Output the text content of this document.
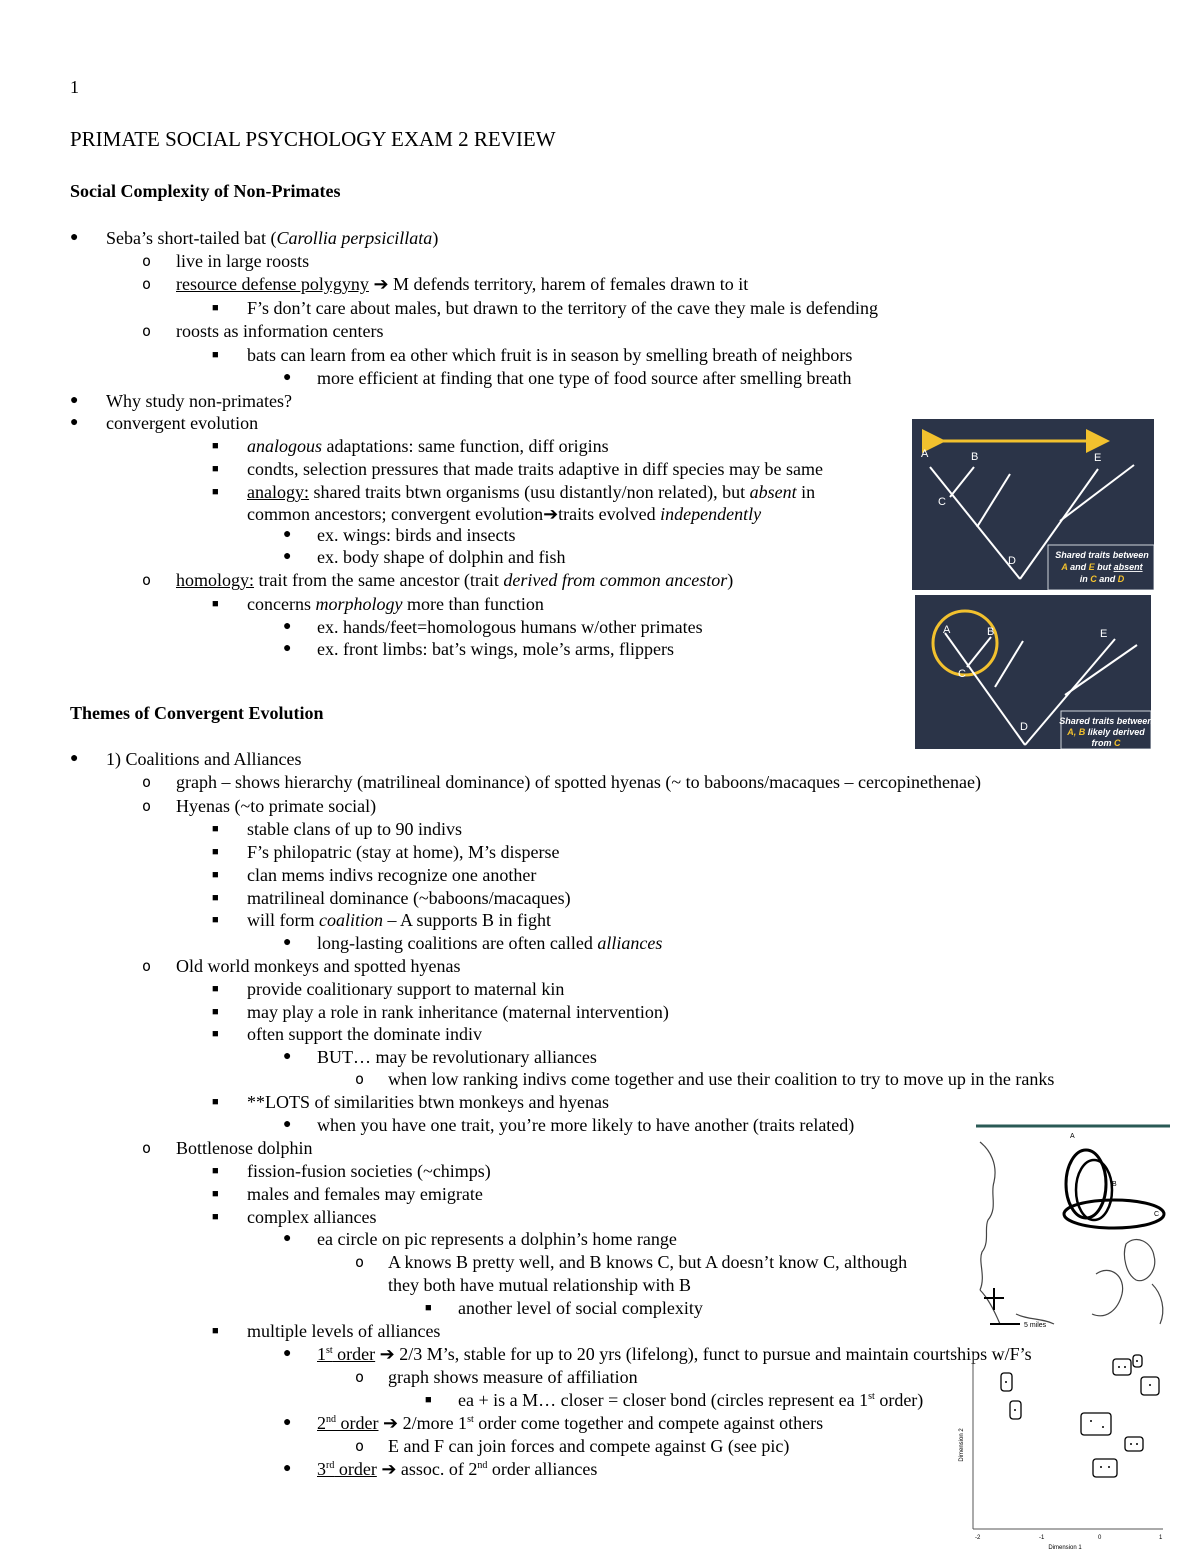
1
PRIMATE SOCIAL PSYCHOLOGY EXAM 2 REVIEW
Social Complexity of Non-Primates
● Seba’s short-tailed bat (Carollia perpsicillata)
o live in large roosts
o resource defense polygyny ➔ M defends territory, harem of females drawn to it
■ F’s don’t care about males, but drawn to the territory of the cave they male is defending
o roosts as information centers
■ bats can learn from ea other which fruit is in season by smelling breath of neighbors
● more efficient at finding that one type of food source after smelling breath
● Why study non-primates?
● convergent evolution
■ analogous adaptations: same function, diff origins
■ condts, selection pressures that made traits adaptive in diff species may be same
■ analogy: shared traits btwn organisms (usu distantly/non related), but absent in
common ancestors; convergent evolution➔traits evolved independently
● ex. wings: birds and insects
● ex. body shape of dolphin and fish
o homology: trait from the same ancestor (trait derived from common ancestor)
■ concerns morphology more than function
● ex. hands/feet=homologous humans w/other primates
● ex. front limbs: bat’s wings, mole’s arms, flippers
Themes of Convergent Evolution
● 1) Coalitions and Alliances
o graph – shows hierarchy (matrilineal dominance) of spotted hyenas (~ to baboons/macaques – cercopinethenae)
o Hyenas (~to primate social)
■ stable clans of up to 90 indivs
■ F’s philopatric (stay at home), M’s disperse
■ clan mems indivs recognize one another
■ matrilineal dominance (~baboons/macaques)
■ will form coalition – A supports B in fight
● long-lasting coalitions are often called alliances
o Old world monkeys and spotted hyenas
■ provide coalitionary support to maternal kin
■ may play a role in rank inheritance (maternal intervention)
■ often support the dominate indiv
● BUT… may be revolutionary alliances
o when low ranking indivs come together and use their coalition to try to move up in the ranks
■ **LOTS of similarities btwn monkeys and hyenas
● when you have one trait, you’re more likely to have another (traits related)
o Bottlenose dolphin
■ fission-fusion societies (~chimps)
■ males and females may emigrate
■ complex alliances
● ea circle on pic represents a dolphin’s home range
o A knows B pretty well, and B knows C, but A doesn’t know C, although
they both have mutual relationship with B
■ another level of social complexity
■ multiple levels of alliances
● 1st order ➔ 2/3 M’s, stable for up to 20 yrs (lifelong), funct to pursue and maintain courtships w/F’s
o graph shows measure of affiliation
■ ea + is a M… closer = closer bond (circles represent ea 1st order)
● 2nd order ➔ 2/more 1st order come together and compete against others
o E and F can join forces and compete against G (see pic)
● 3rd order ➔ assoc. of 2nd order alliances
A	B
C
D
E
Shared traits between
A and E but absent
in C and D
A	B
C
D
E
Shared traits between
A, B likely derived
from C
A
B
C
5 miles
-2	-1	0	1
Dimension 1
Dimension 2
